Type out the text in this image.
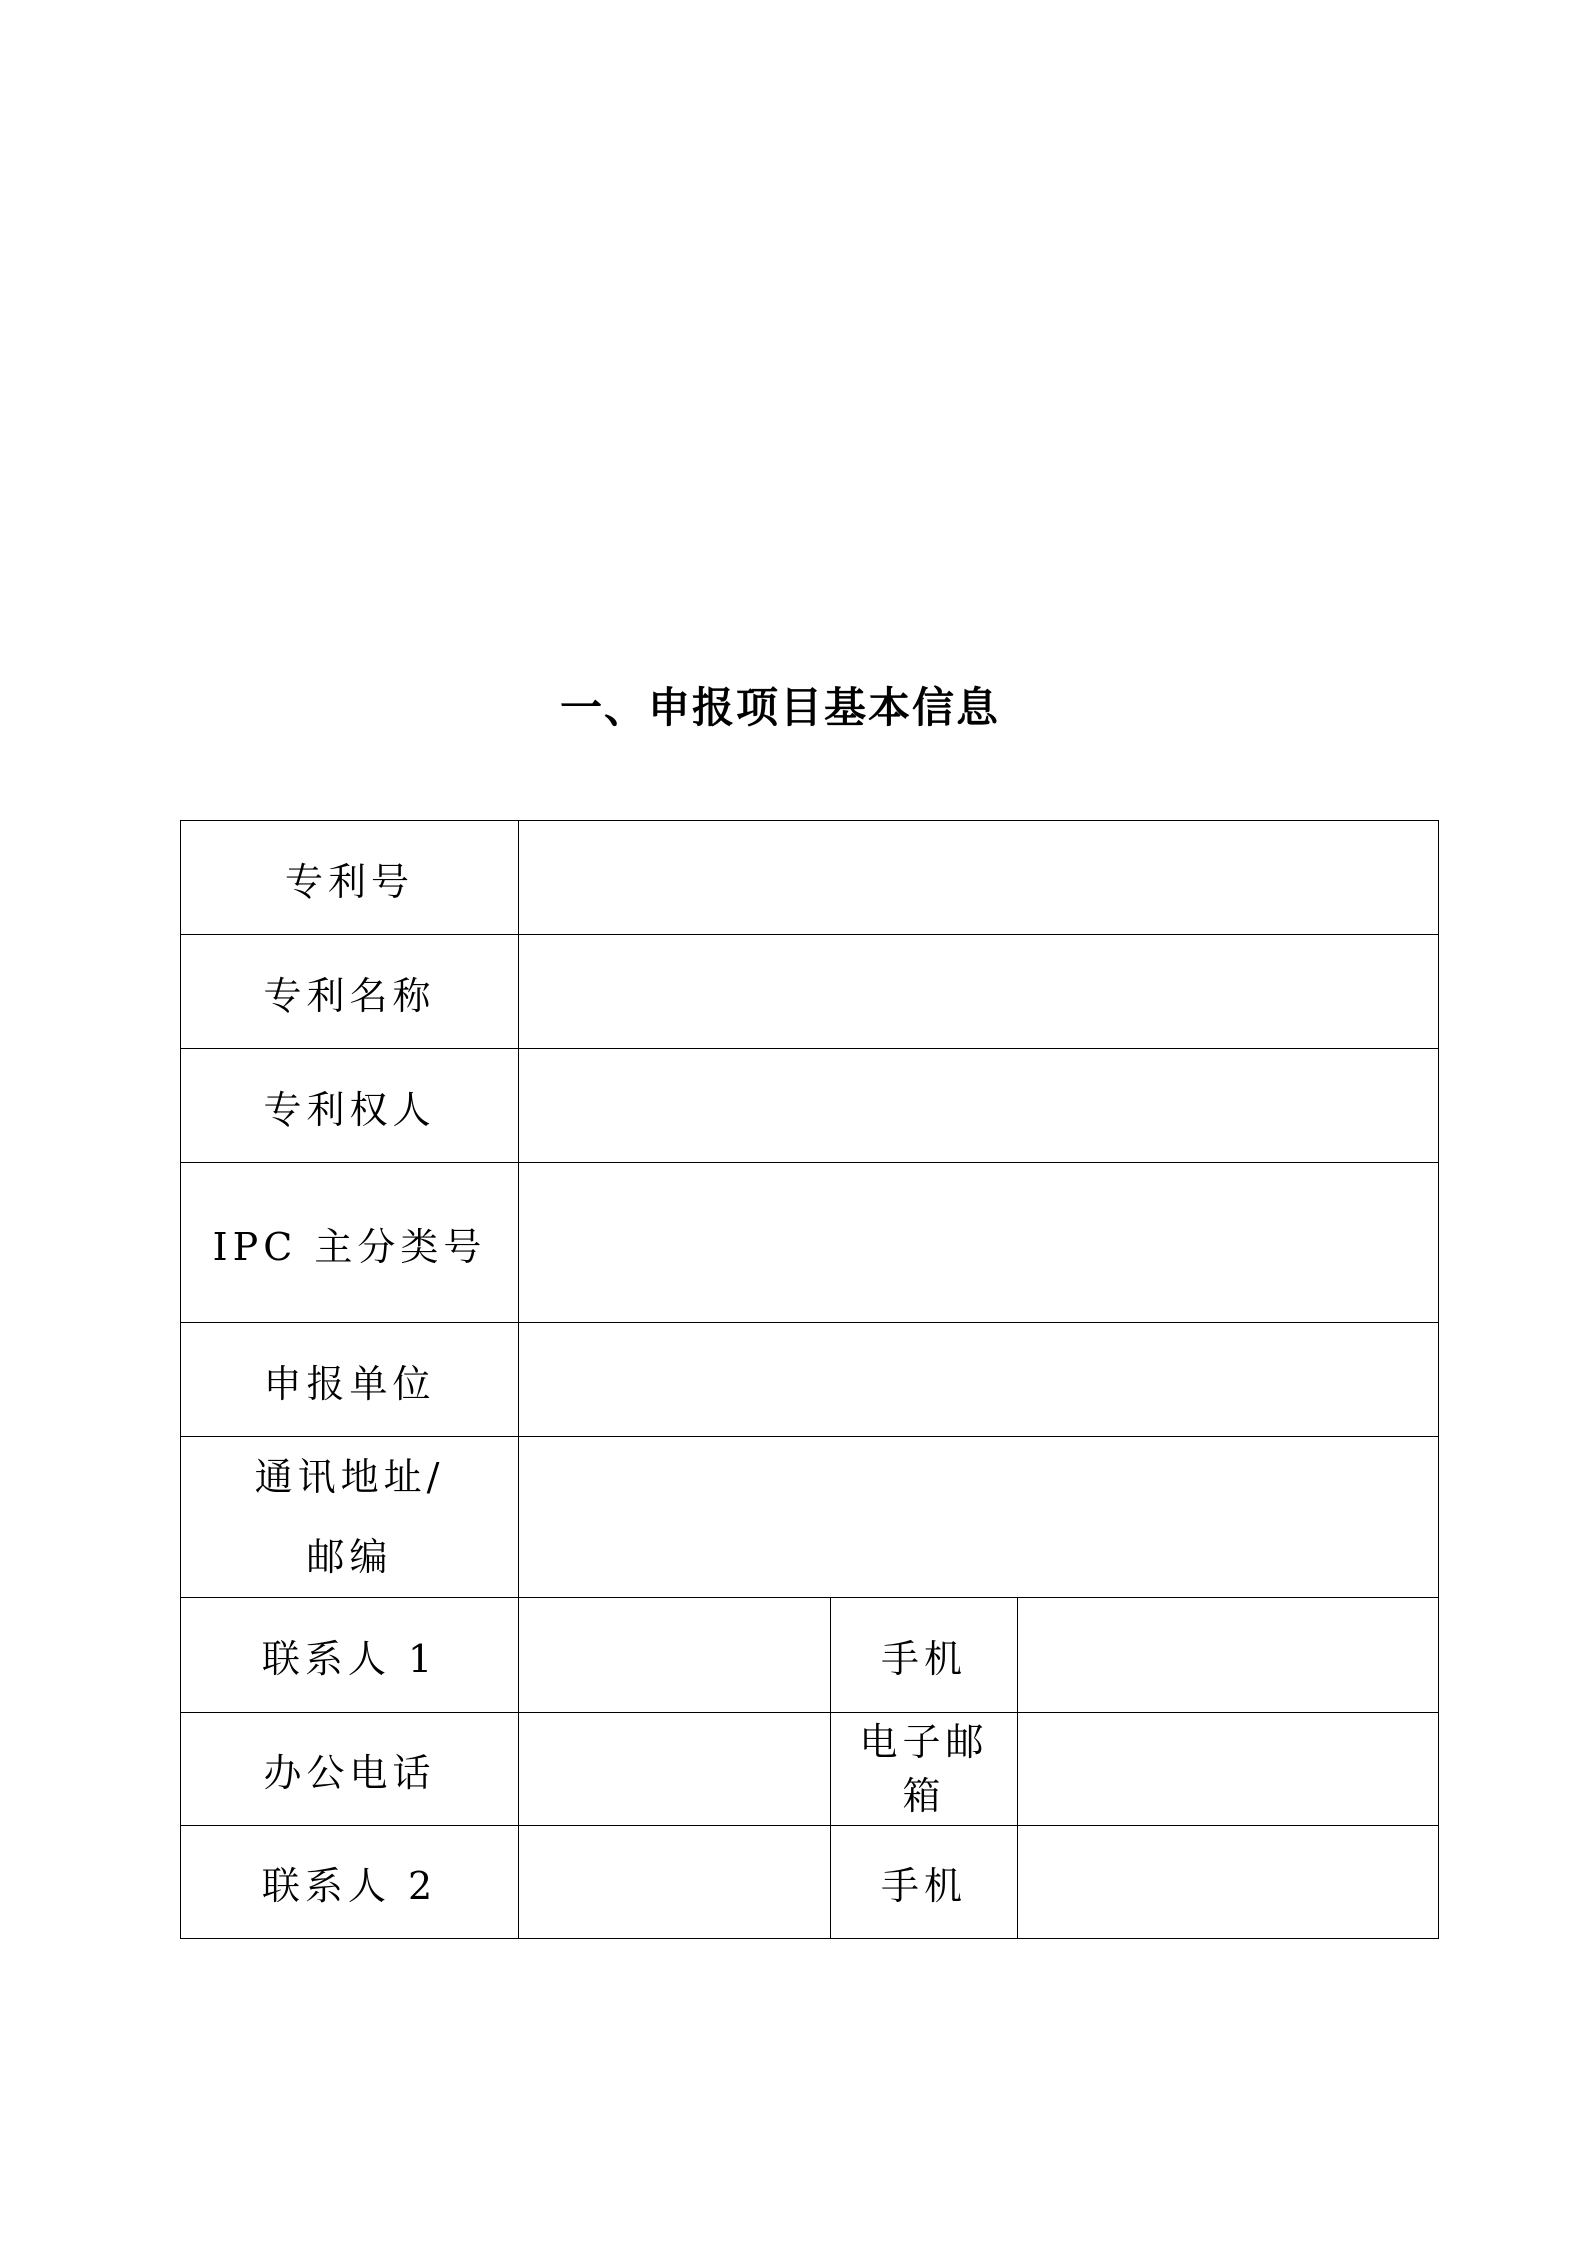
一、申报项目基本信息
专利号			
专利名称			
专利权人			
IPC 主分类号			
申报单位			
通讯地址/邮编			
联系人 1		手机	
办公电话		电子邮箱	
联系人 2		手机	
